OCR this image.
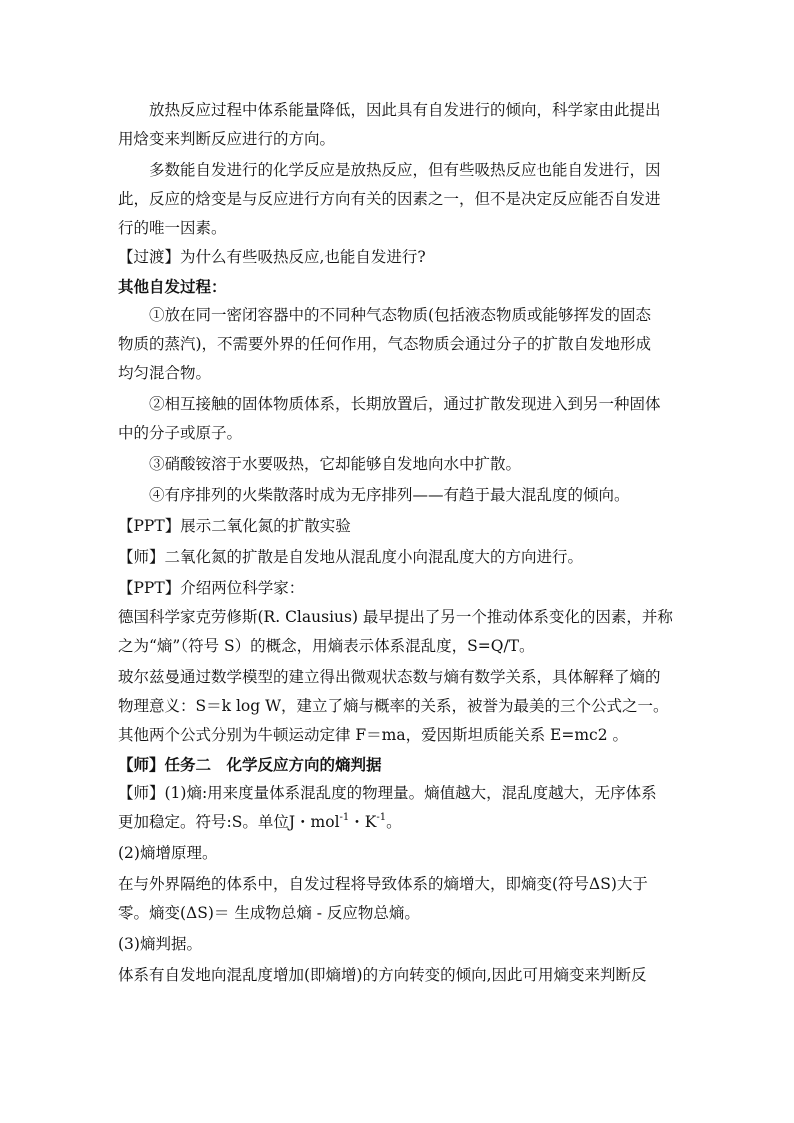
放热反应过程中体系能量降低，因此具有自发进行的倾向，科学家由此提出

用焓变来判断反应进行的方向。

多数能自发进行的化学反应是放热反应，但有些吸热反应也能自发进行，因

此，反应的焓变是与反应进行方向有关的因素之一，但不是决定反应能否自发进

行的唯一因素。

【过渡】为什么有些吸热反应,也能自发进行?

其他自发过程：

①放在同一密闭容器中的不同种气态物质(包括液态物质或能够挥发的固态

物质的蒸汽)，不需要外界的任何作用，气态物质会通过分子的扩散自发地形成

均匀混合物。

②相互接触的固体物质体系，长期放置后，通过扩散发现进入到另一种固体

中的分子或原子。

③硝酸铵溶于水要吸热，它却能够自发地向水中扩散。

④有序排列的火柴散落时成为无序排列——有趋于最大混乱度的倾向。

【PPT】展示二氧化氮的扩散实验

【师】二氧化氮的扩散是自发地从混乱度小向混乱度大的方向进行。

【PPT】介绍两位科学家：

德国科学家克劳修斯(R. Clausius) 最早提出了另一个推动体系变化的因素，并称

之为“熵”（符号 S）的概念，用熵表示体系混乱度，S=Q/T。

玻尔兹曼通过数学模型的建立得出微观状态数与熵有数学关系，具体解释了熵的

物理意义：S＝k log W，建立了熵与概率的关系，被誉为最美的三个公式之一。

其他两个公式分别为牛顿运动定律 F＝ma，爱因斯坦质能关系 E=mc2 。

【师】任务二　化学反应方向的熵判据

【师】(1)熵:用来度量体系混乱度的物理量。熵值越大，混乱度越大，无序体系

更加稳定。符号:S。单位J・mol$^{-1}$・$K^{-1}$。

(2)熵增原理。

在与外界隔绝的体系中，自发过程将导致体系的熵增大，即熵变(符号ΔS)大于

零。熵变(ΔS)＝ 生成物总熵 - 反应物总熵。

(3)熵判据。

体系有自发地向混乱度增加(即熵增)的方向转变的倾向,因此可用熵变来判断反
